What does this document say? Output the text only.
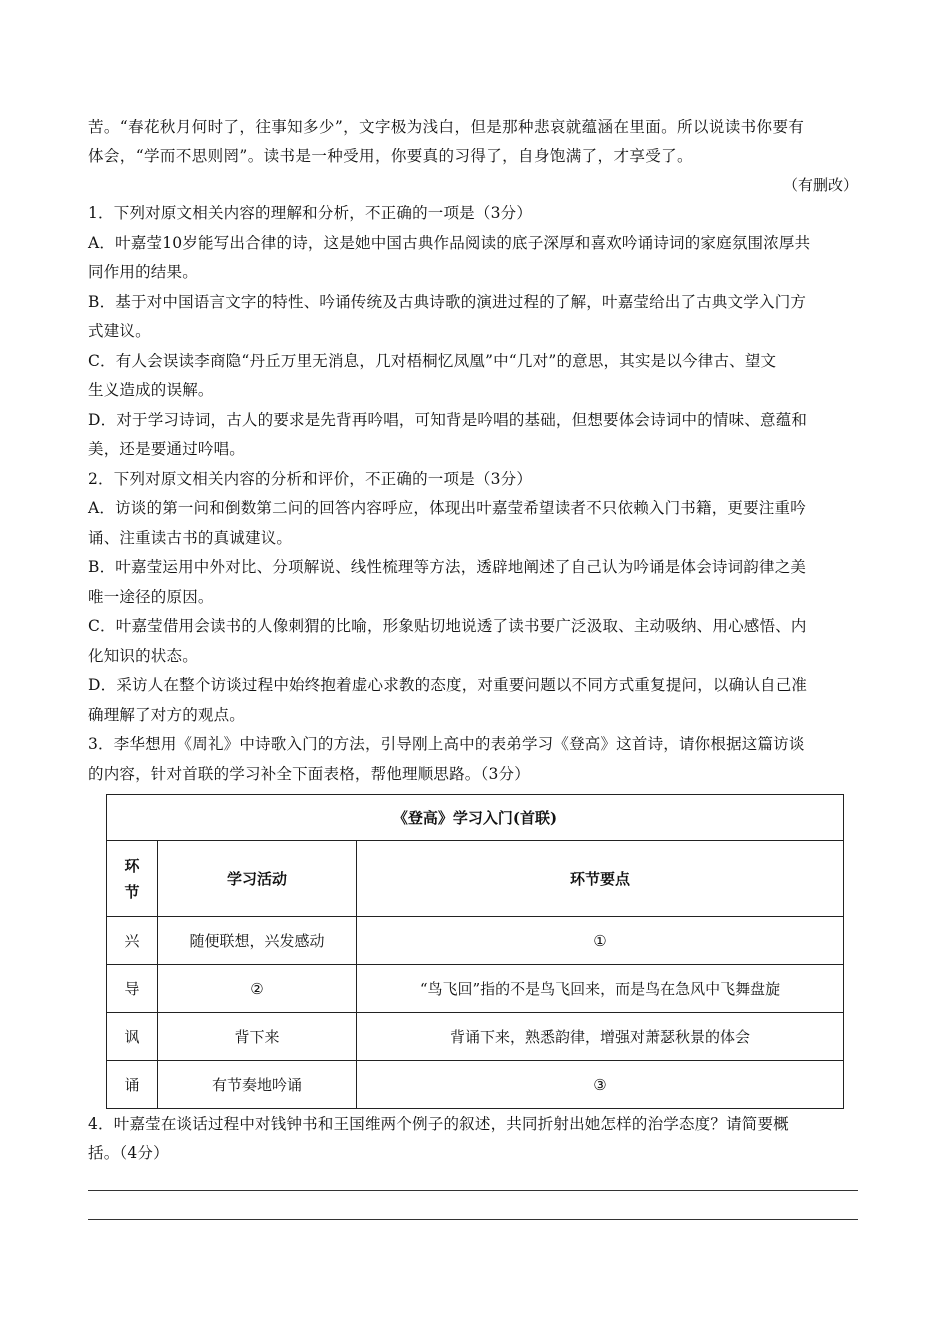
苦。“春花秋月何时了，往事知多少”，文字极为浅白，但是那种悲哀就蕴涵在里面。所以说读书你要有
体会，“学而不思则罔”。读书是一种受用，你要真的习得了，自身饱满了，才享受了。
（有删改）
1．下列对原文相关内容的理解和分析，不正确的一项是（3分）
A．叶嘉莹10岁能写出合律的诗，这是她中国古典作品阅读的底子深厚和喜欢吟诵诗词的家庭氛围浓厚共
同作用的结果。
B．基于对中国语言文字的特性、吟诵传统及古典诗歌的演进过程的了解，叶嘉莹给出了古典文学入门方
式建议。
C．有人会误读李商隐“丹丘万里无消息，几对梧桐忆凤凰”中“几对”的意思，其实是以今律古、望文
生义造成的误解。
D．对于学习诗词，古人的要求是先背再吟唱，可知背是吟唱的基础，但想要体会诗词中的情味、意蕴和
美，还是要通过吟唱。
2．下列对原文相关内容的分析和评价，不正确的一项是（3分）
A．访谈的第一问和倒数第二问的回答内容呼应，体现出叶嘉莹希望读者不只依赖入门书籍，更要注重吟
诵、注重读古书的真诚建议。
B．叶嘉莹运用中外对比、分项解说、线性梳理等方法，透辟地阐述了自己认为吟诵是体会诗词韵律之美
唯一途径的原因。
C．叶嘉莹借用会读书的人像刺猬的比喻，形象贴切地说透了读书要广泛汲取、主动吸纳、用心感悟、内
化知识的状态。
D．采访人在整个访谈过程中始终抱着虚心求教的态度，对重要问题以不同方式重复提问，以确认自己准
确理解了对方的观点。
3．李华想用《周礼》中诗歌入门的方法，引导刚上高中的表弟学习《登高》这首诗，请你根据这篇访谈
的内容，针对首联的学习补全下面表格，帮他理顺思路。（3分）
《登高》学习入门(首联)		

环节	学习活动	环节要点
兴	随便联想，兴发感动	①
导	②	“鸟飞回”指的不是鸟飞回来，而是鸟在急风中飞舞盘旋
讽	背下来	背诵下来，熟悉韵律，增强对萧瑟秋景的体会
诵	有节奏地吟诵	③
4．叶嘉莹在谈话过程中对钱钟书和王国维两个例子的叙述，共同折射出她怎样的治学态度？请简要概
括。（4分）
